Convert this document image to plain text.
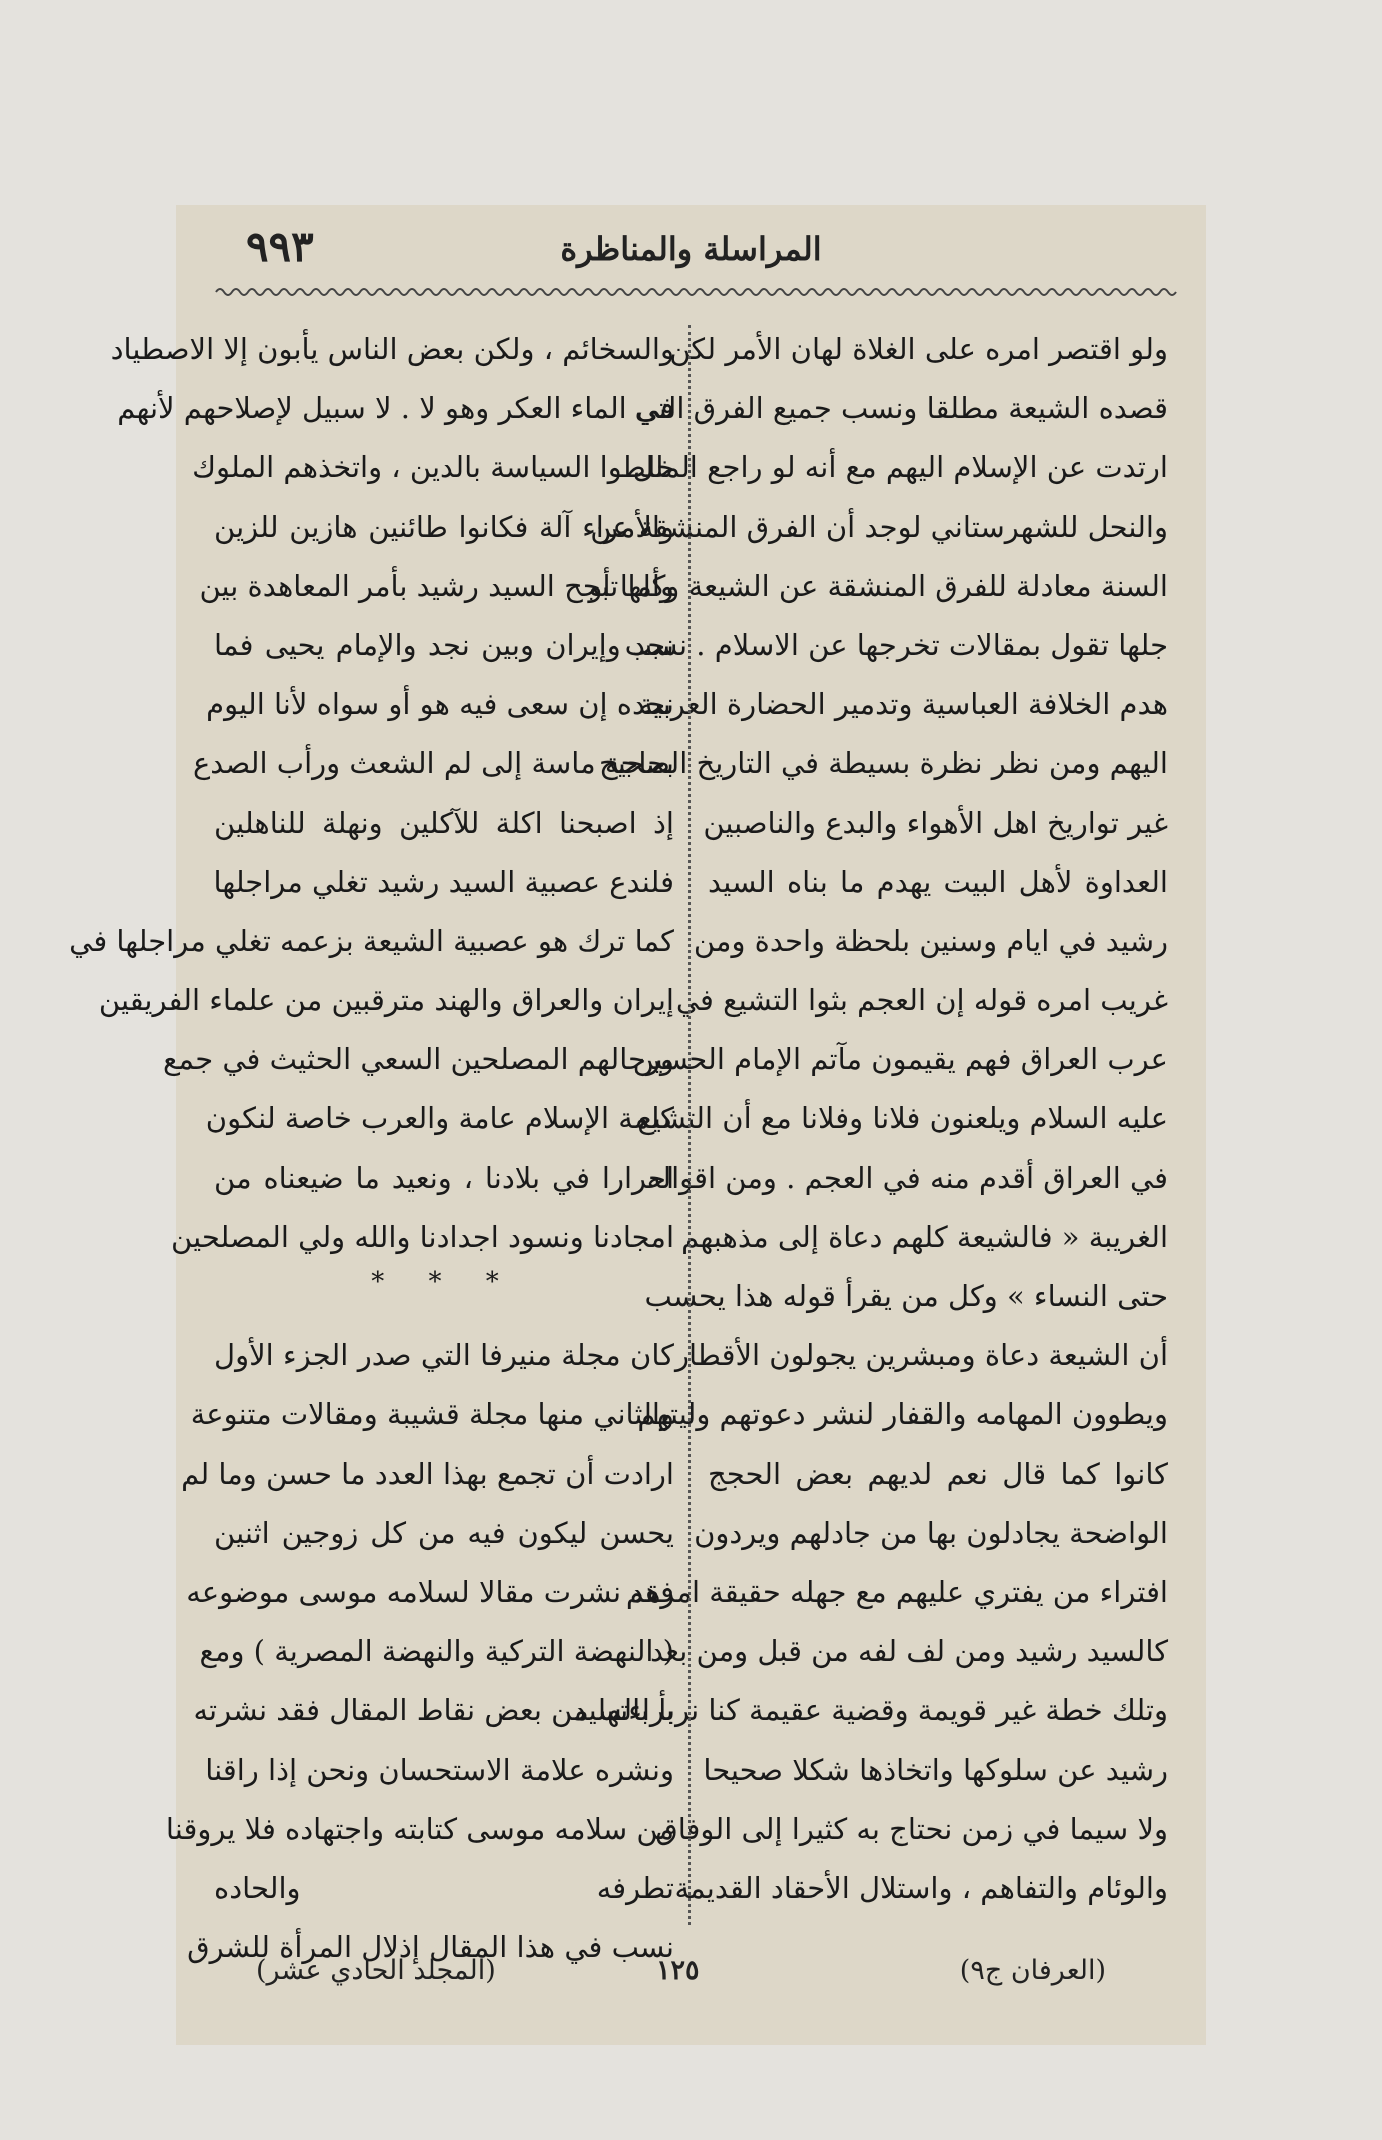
٩٩٣	المراسلة والمناظرة
ولو اقتصر امره على الغلاة لهان الأمر لكن
قصده الشيعة مطلقا ونسب جميع الفرق التي
ارتدت عن الإسلام اليهم مع أنه لو راجع الملل
والنحل للشهرستاني لوجد أن الفرق المنشقة عن
السنة معادلة للفرق المنشقة عن الشيعة وكلها أو
جلها تقول بمقالات تخرجها عن الاسلام . نسب
هدم الخلافة العباسية وتدمير الحضارة العربية
اليهم ومن نظر نظرة بسيطة في التاريخ الصحيح
غير تواريخ اهل الأهواء والبدع والناصبين
العداوة لأهل البيت يهدم ما بناه السيد
رشيد في ايام وسنين بلحظة واحدة ومن
غريب امره قوله إن العجم بثوا التشيع في
عرب العراق فهم يقيمون مآتم الإمام الحسين
عليه السلام ويلعنون فلانا وفلانا مع أن التشيع
في العراق أقدم منه في العجم . ومن اقواله
الغريبة « فالشيعة كلهم دعاة إلى مذهبهم
حتى النساء » وكل من يقرأ قوله هذا يحسب
أن الشيعة دعاة ومبشرين يجولون الأقطار
ويطوون المهامه والقفار لنشر دعوتهم وليتهم
كانوا كما قال نعم لديهم بعض الحجج
الواضحة يجادلون بها من جادلهم ويردون
افتراء من يفتري عليهم مع جهله حقيقة امرهم
كالسيد رشيد ومن لف لفه من قبل ومن بعد
وتلك خطة غير قويمة وقضية عقيمة كنا نربأ بالسيد
رشيد عن سلوكها واتخاذها شكلا صحيحا
ولا سيما في زمن نحتاج به كثيرا إلى الوفاق
والوئام والتفاهم ، واستلال الأحقاد القديمة
والسخائم ، ولكن بعض الناس يأبون إلا الاصطياد
في الماء العكر وهو لا . لا سبيل لإصلاحهم لأنهم
خلطوا السياسة بالدين ، واتخذهم الملوك
والأمراء آلة فكانوا طائنين هازين للزين
وأما تبجح السيد رشيد بأمر المعاهدة بين
نجد وإيران وبين نجد والإمام يحيى فما
نجده إن سعى فيه هو أو سواه لأنا اليوم
بحاجة ماسة إلى لم الشعث ورأب الصدع
إذ اصبحنا اكلة للآكلين ونهلة للناهلين
فلندع عصبية السيد رشيد تغلي مراجلها
كما ترك هو عصبية الشيعة بزعمه تغلي مراجلها في
إيران والعراق والهند مترقبين من علماء الفريقين
ورجالهم المصلحين السعي الحثيث في جمع
كلمة الإسلام عامة والعرب خاصة لنكون
احرارا في بلادنا ، ونعيد ما ضيعناه من
امجادنا ونسود اجدادنا والله ولي المصلحين
* * *
كان مجلة منيرفا التي صدر الجزء الأول
والثاني منها مجلة قشيبة ومقالات متنوعة
ارادت أن تجمع بهذا العدد ما حسن وما لم
يحسن ليكون فيه من كل زوجين اثنين
فقد نشرت مقالا لسلامه موسى موضوعه
( النهضة التركية والنهضة المصرية ) ومع
براءتها من بعض نقاط المقال فقد نشرته
ونشره علامة الاستحسان ونحن إذا راقنا
من سلامه موسى كتابته واجتهاده فلا يروقنا
تطرفه والحاده
نسب في هذا المقال إذلال المرأة للشرق
(العرفان ج٩)
١٢٥
(المجلد الحادي عشر)
